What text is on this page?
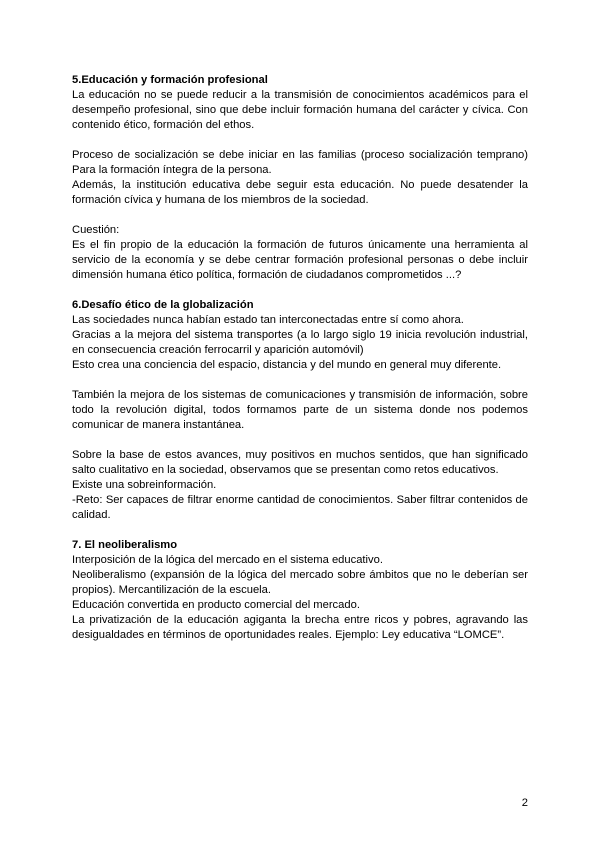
5.Educación y formación profesional

La educación no se puede reducir a la transmisión de conocimientos académicos para el desempeño profesional, sino que debe incluir formación humana del carácter y cívica. Con contenido ético, formación del ethos.

Proceso de socialización se debe iniciar en las familias (proceso socialización temprano) Para la formación íntegra de la persona.

Además, la institución educativa debe seguir esta educación. No puede desatender la formación cívica y humana de los miembros de la sociedad.

Cuestión:

Es el fin propio de la educación la formación de futuros únicamente una herramienta al servicio de la economía y se debe centrar formación profesional personas o debe incluir dimensión humana ético política, formación de ciudadanos comprometidos ...?

6.Desafío ético de la globalización

Las sociedades nunca habían estado tan interconectadas entre sí como ahora.

Gracias a la mejora del sistema transportes (a lo largo siglo 19 inicia revolución industrial, en consecuencia creación ferrocarril y aparición automóvil)

Esto crea una conciencia del espacio, distancia y del mundo en general muy diferente.

También la mejora de los sistemas de comunicaciones y transmisión de información, sobre todo la revolución digital, todos formamos parte de un sistema donde nos podemos comunicar de manera instantánea.

Sobre la base de estos avances, muy positivos en muchos sentidos, que han significado salto cualitativo en la sociedad, observamos que se presentan como retos educativos.

Existe una sobreinformación.

-Reto: Ser capaces de filtrar enorme cantidad de conocimientos. Saber filtrar contenidos de calidad.

7. El neoliberalismo

Interposición de la lógica del mercado en el sistema educativo.

Neoliberalismo (expansión de la lógica del mercado sobre ámbitos que no le deberían ser propios). Mercantilización de la escuela.

Educación convertida en producto comercial del mercado.

La privatización de la educación agiganta la brecha entre ricos y pobres, agravando las desigualdades en términos de oportunidades reales. Ejemplo: Ley educativa “LOMCE”.

2
